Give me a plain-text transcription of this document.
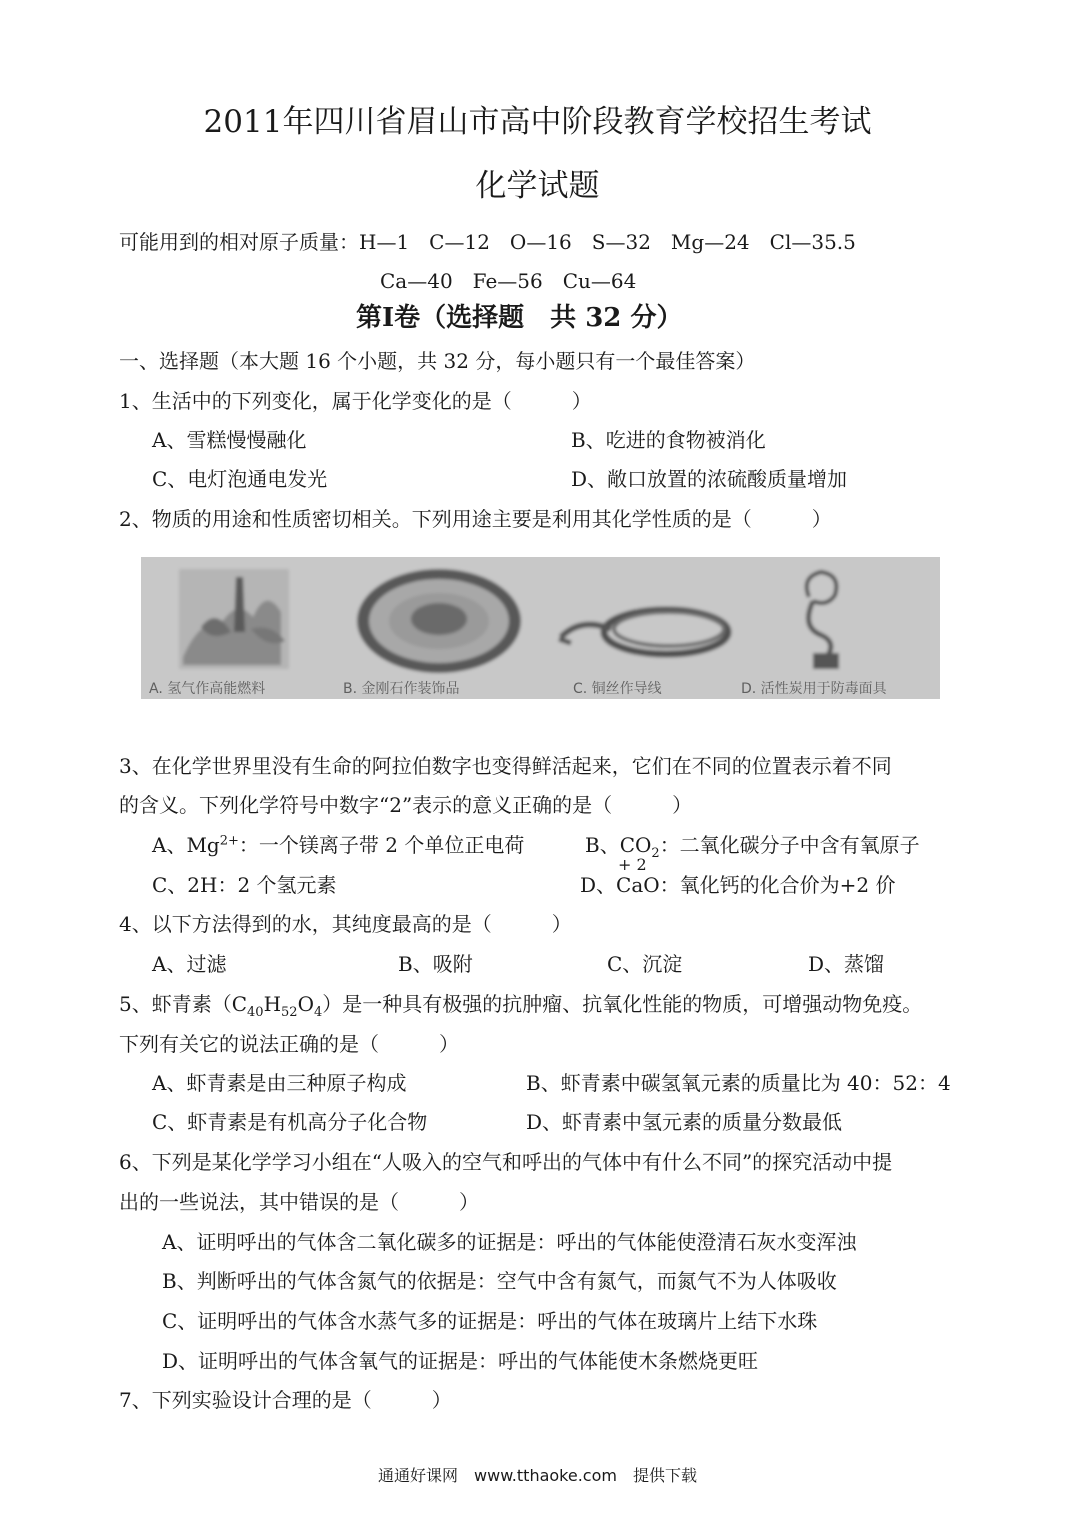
2011年四川省眉山市高中阶段教育学校招生考试
化学试题
可能用到的相对原子质量：H—1　C—12　O—16　S—32　Mg—24　Cl—35.5
Ca—40　Fe—56　Cu—64
第Ⅰ卷（选择题　共 32 分）
一、选择题（本大题 16 个小题，共 32 分，每小题只有一个最佳答案）
1、生活中的下列变化，属于化学变化的是（　　　）
A、雪糕慢慢融化	B、吃进的食物被消化
C、电灯泡通电发光	D、敞口放置的浓硫酸质量增加
2、物质的用途和性质密切相关。下列用途主要是利用其化学性质的是（　　　）
A. 氢气作高能燃料	B. 金刚石作装饰品	C. 铜丝作导线	D. 活性炭用于防毒面具
3、在化学世界里没有生命的阿拉伯数字也变得鲜活起来，它们在不同的位置表示着不同
的含义。下列化学符号中数字“2”表示的意义正确的是（　　　）
A、$Mg^{2+}$：一个镁离子带 2 个单位正电荷	B、$CO_2$：二氧化碳分子中含有氧原子
C、2H：2 个氢元素	D、
+ 2
CaO：氧化钙的化合价为+2 价
4、以下方法得到的水，其纯度最高的是（　　　）
A、过滤	B、吸附	C、沉淀	D、蒸馏
5、虾青素$(C_{40}H_{52}O_4)$是一种具有极强的抗肿瘤、抗氧化性能的物质，可增强动物免疫。
下列有关它的说法正确的是（　　　）
A、虾青素是由三种原子构成	B、虾青素中碳氢氧元素的质量比为 40：52：4
C、虾青素是有机高分子化合物	D、虾青素中氢元素的质量分数最低
6、下列是某化学学习小组在“人吸入的空气和呼出的气体中有什么不同”的探究活动中提
出的一些说法，其中错误的是（　　　）
A、证明呼出的气体含二氧化碳多的证据是：呼出的气体能使澄清石灰水变浑浊
B、判断呼出的气体含氮气的依据是：空气中含有氮气，而氮气不为人体吸收
C、证明呼出的气体含水蒸气多的证据是：呼出的气体在玻璃片上结下水珠
D、证明呼出的气体含氧气的证据是：呼出的气体能使木条燃烧更旺
7、下列实验设计合理的是（　　　）
通通好课网　www.tthaoke.com　提供下载
